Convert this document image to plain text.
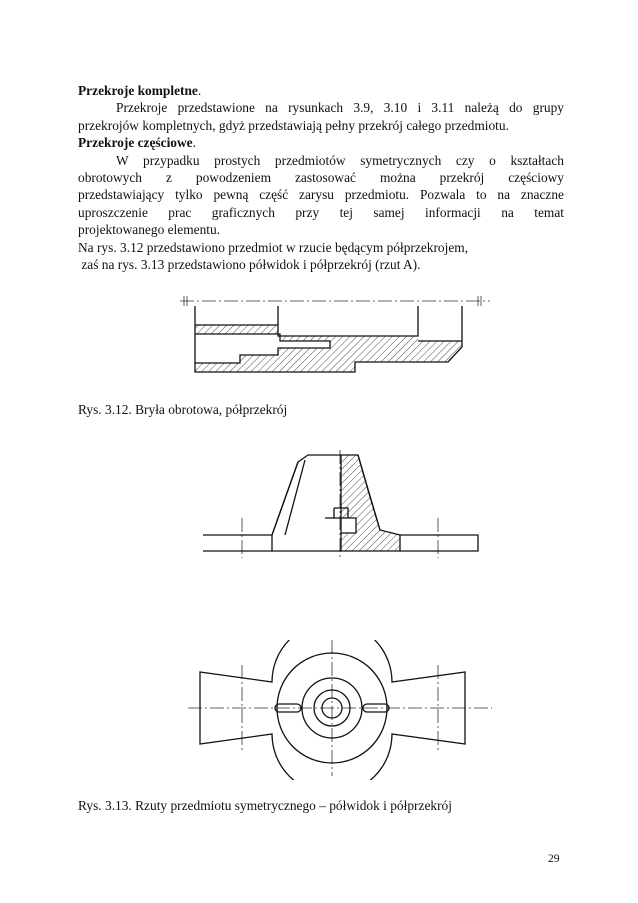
Przekroje kompletne.

Przekroje przedstawione na rysunkach 3.9, 3.10 i 3.11 należą do grupy

przekrojów kompletnych, gdyż przedstawiają pełny przekrój całego przedmiotu.

Przekroje częściowe.

W przypadku prostych przedmiotów symetrycznych czy o kształtach

obrotowych z powodzeniem zastosować można przekrój częściowy

przedstawiający tylko pewną część zarysu przedmiotu. Pozwala to na znaczne

uproszczenie prac graficznych przy tej samej informacji na temat

projektowanego elementu.

Na rys. 3.12 przedstawiono przedmiot w rzucie będącym półprzekrojem,

zaś na rys. 3.13 przedstawiono półwidok i półprzekrój (rzut A).

Rys. 3.12. Bryła obrotowa, półprzekrój
Rys. 3.13. Rzuty przedmiotu symetrycznego – półwidok i półprzekrój
29
